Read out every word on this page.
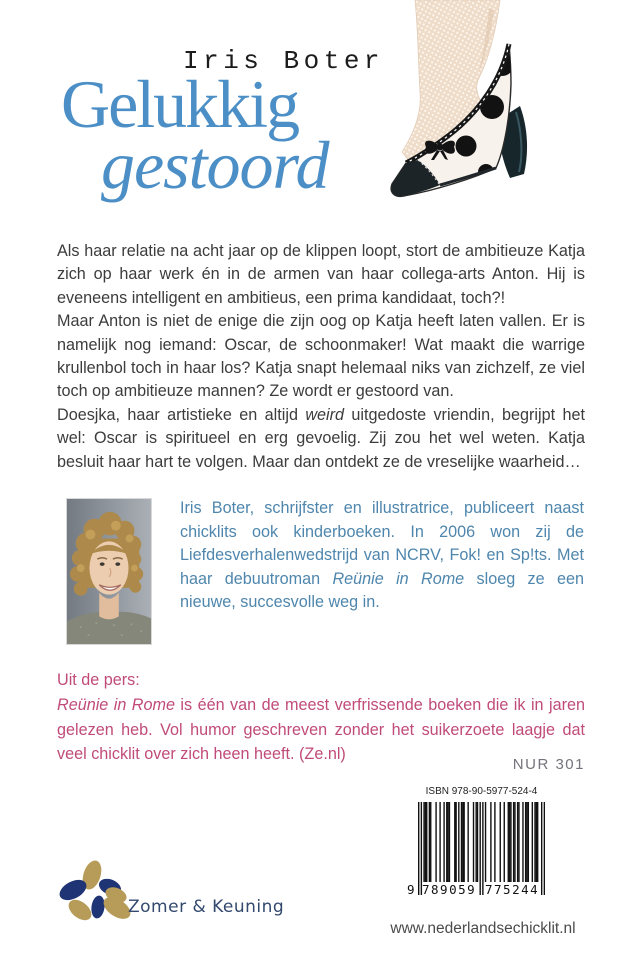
Iris Boter
Gelukkig
gestoord

Als haar relatie na acht jaar op de klippen loopt, stort de ambitieuze Katja zich op haar werk én in de armen van haar collega-arts Anton. Hij is eveneens intelligent en ambitieus, een prima kandidaat, toch?!

Maar Anton is niet de enige die zijn oog op Katja heeft laten vallen. Er is namelijk nog iemand: Oscar, de schoonmaker! Wat maakt die warrige krullenbol toch in haar los? Katja snapt helemaal niks van zichzelf, ze viel toch op ambitieuze mannen? Ze wordt er gestoord van.

Doesjka, haar artistieke en altijd weird uitgedoste vriendin, begrijpt het wel: Oscar is spiritueel en erg gevoelig. Zij zou het wel weten. Katja besluit haar hart te volgen. Maar dan ontdekt ze de vreselijke waarheid…

Iris Boter, schrijfster en illustratrice, publiceert naast chicklits ook kinderboeken. In 2006 won zij de Liefdesverhalenwedstrijd van NCRV, Fok! en Sp!ts. Met haar debuutroman Reünie in Rome sloeg ze een nieuwe, succesvolle weg in.
Uit de pers:
Reünie in Rome is één van de meest verfrissende boeken die ik in jaren gelezen heb. Vol humor geschreven zonder het suikerzoete laagje dat veel chicklit over zich heen heeft. (Ze.nl)
NUR 301
Zomer & Keuning
ISBN 978-90-5977-524-4
9 789059 775244
www.nederlandsechicklit.nl
